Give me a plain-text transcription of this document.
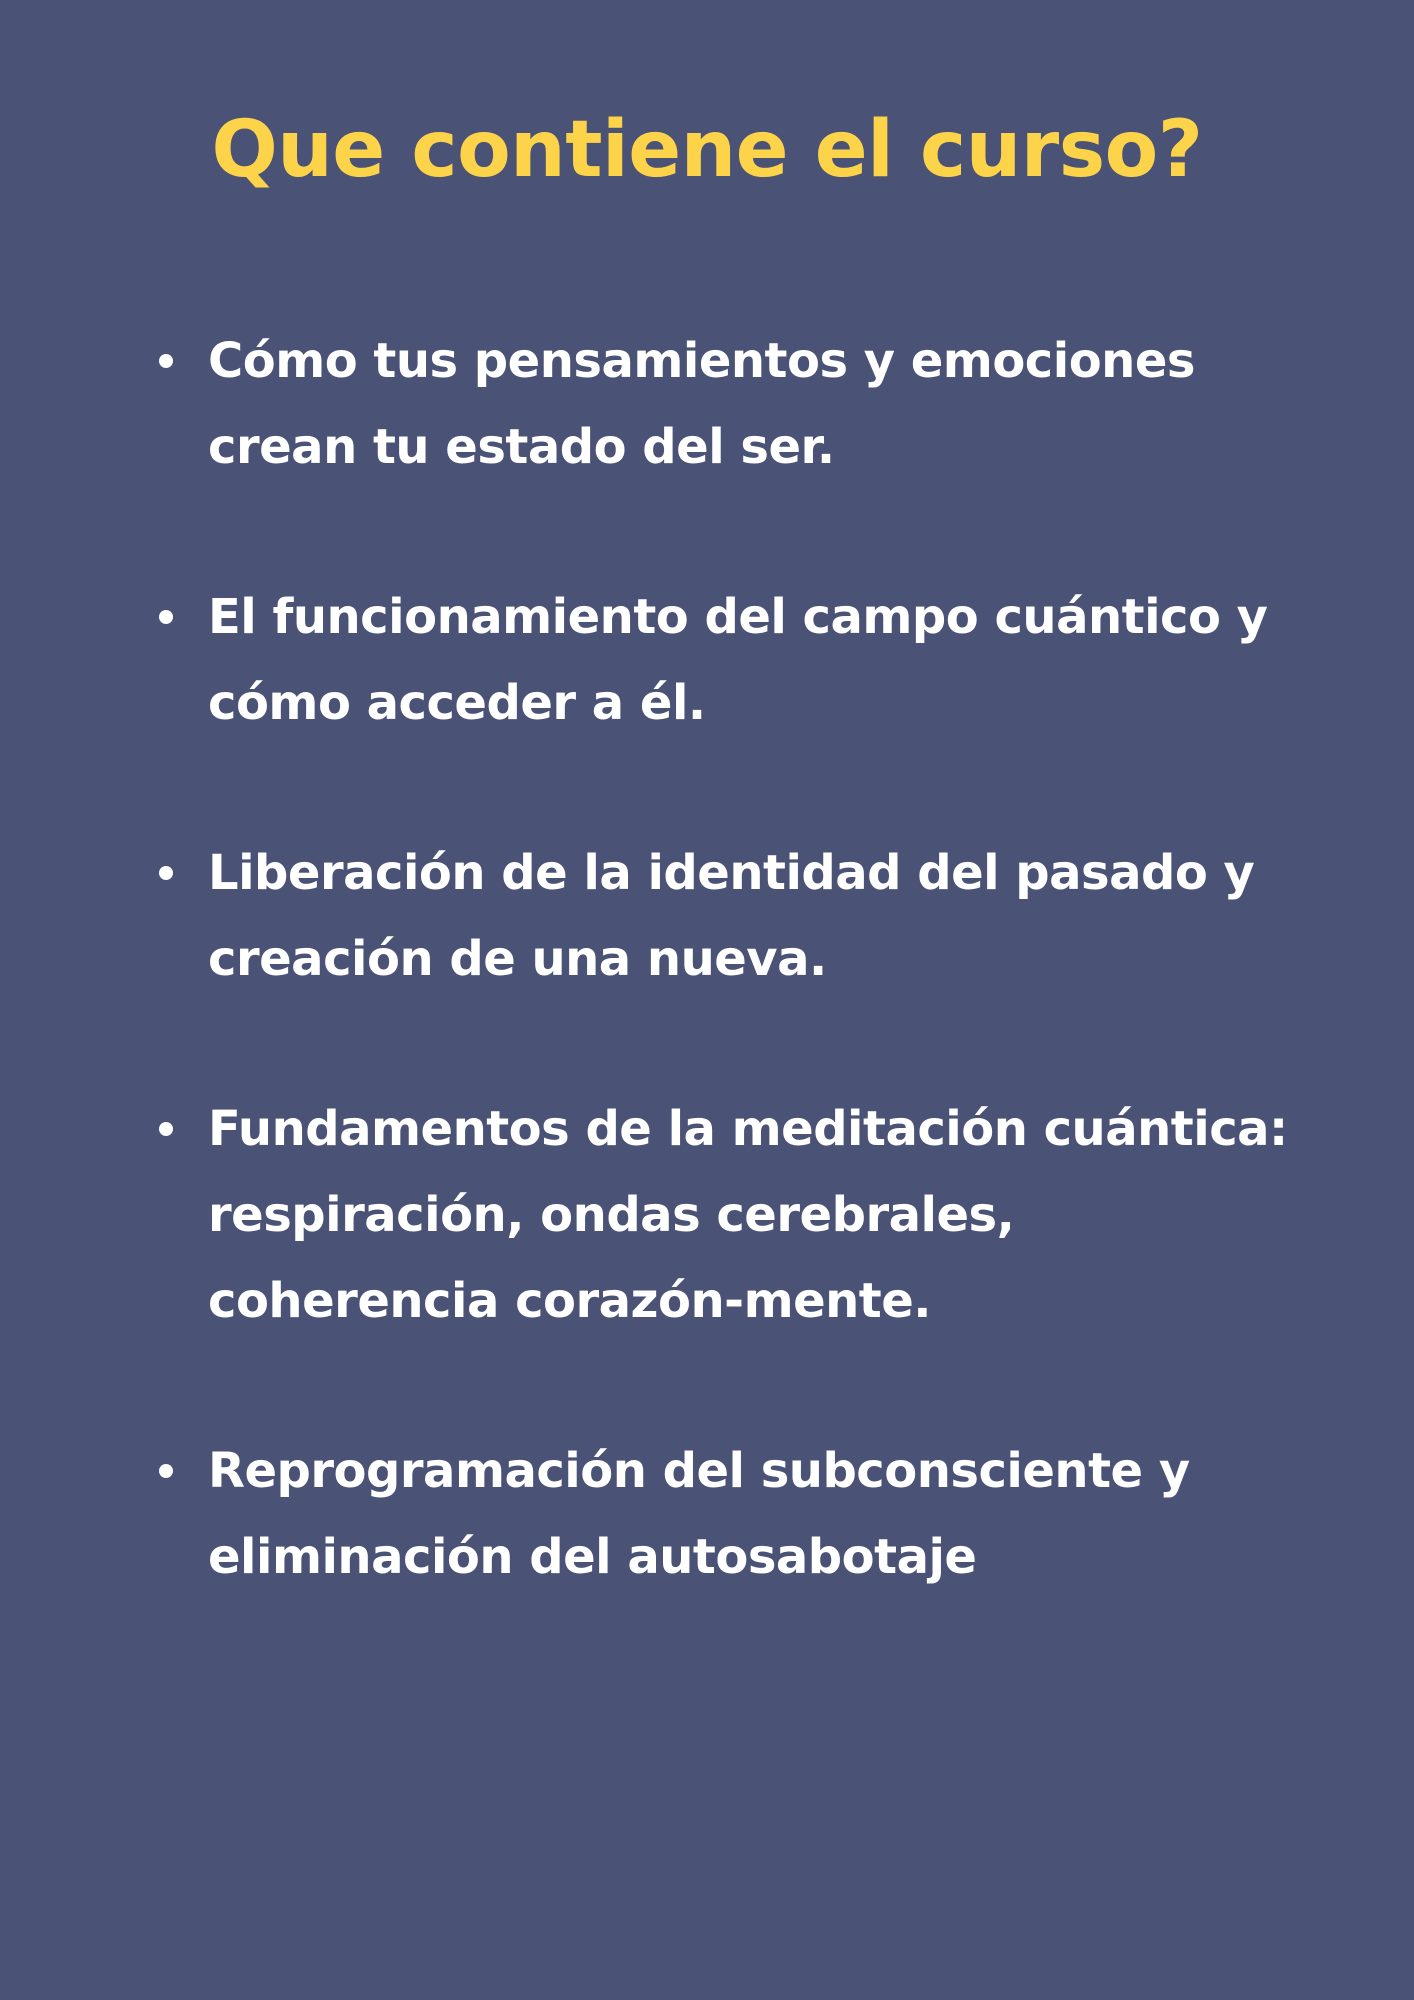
Que contiene el curso?
Cómo tus pensamientos y emociones crean tu estado del ser.
El funcionamiento del campo cuántico y cómo acceder a él.
Liberación de la identidad del pasado y creación de una nueva.
Fundamentos de la meditación cuántica: respiración, ondas cerebrales, coherencia corazón-mente.
Reprogramación del subconsciente y eliminación del autosabotaje
